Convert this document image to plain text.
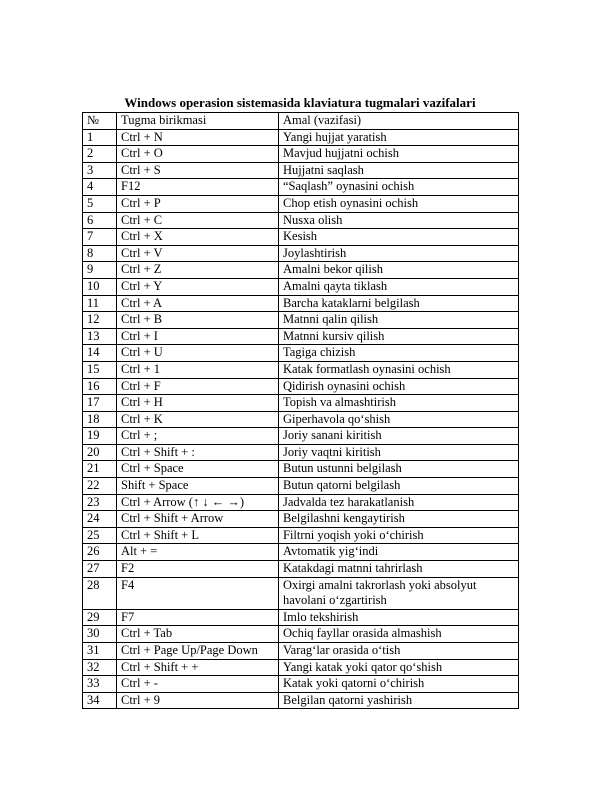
Windows operasion sistemasida klaviatura tugmalari vazifalari
№	Tugma birikmasi	Amal (vazifasi)
1	Ctrl + N	Yangi hujjat yaratish
2	Ctrl + O	Mavjud hujjatni ochish
3	Ctrl + S	Hujjatni saqlash
4	F12	“Saqlash” oynasini ochish
5	Ctrl + P	Chop etish oynasini ochish
6	Ctrl + C	Nusxa olish
7	Ctrl + X	Kesish
8	Ctrl + V	Joylashtirish
9	Ctrl + Z	Amalni bekor qilish
10	Ctrl + Y	Amalni qayta tiklash
11	Ctrl + A	Barcha kataklarni belgilash
12	Ctrl + B	Matnni qalin qilish
13	Ctrl + I	Matnni kursiv qilish
14	Ctrl + U	Tagiga chizish
15	Ctrl + 1	Katak formatlash oynasini ochish
16	Ctrl + F	Qidirish oynasini ochish
17	Ctrl + H	Topish va almashtirish
18	Ctrl + K	Giperhavola qo‘shish
19	Ctrl + ;	Joriy sanani kiritish
20	Ctrl + Shift + :	Joriy vaqtni kiritish
21	Ctrl + Space	Butun ustunni belgilash
22	Shift + Space	Butun qatorni belgilash
23	Ctrl + Arrow (↑ ↓ ← →)	Jadvalda tez harakatlanish
24	Ctrl + Shift + Arrow	Belgilashni kengaytirish
25	Ctrl + Shift + L	Filtrni yoqish yoki o‘chirish
26	Alt + =	Avtomatik yig‘indi
27	F2	Katakdagi matnni tahrirlash
28	F4	Oxirgi amalni takrorlash yoki absolyut havolani o‘zgartirish
29	F7	Imlo tekshirish
30	Ctrl + Tab	Ochiq fayllar orasida almashish
31	Ctrl + Page Up/Page Down	Varag‘lar orasida o‘tish
32	Ctrl + Shift + +	Yangi katak yoki qator qo‘shish
33	Ctrl + -	Katak yoki qatorni o‘chirish
34	Ctrl + 9	Belgilan qatorni yashirish
